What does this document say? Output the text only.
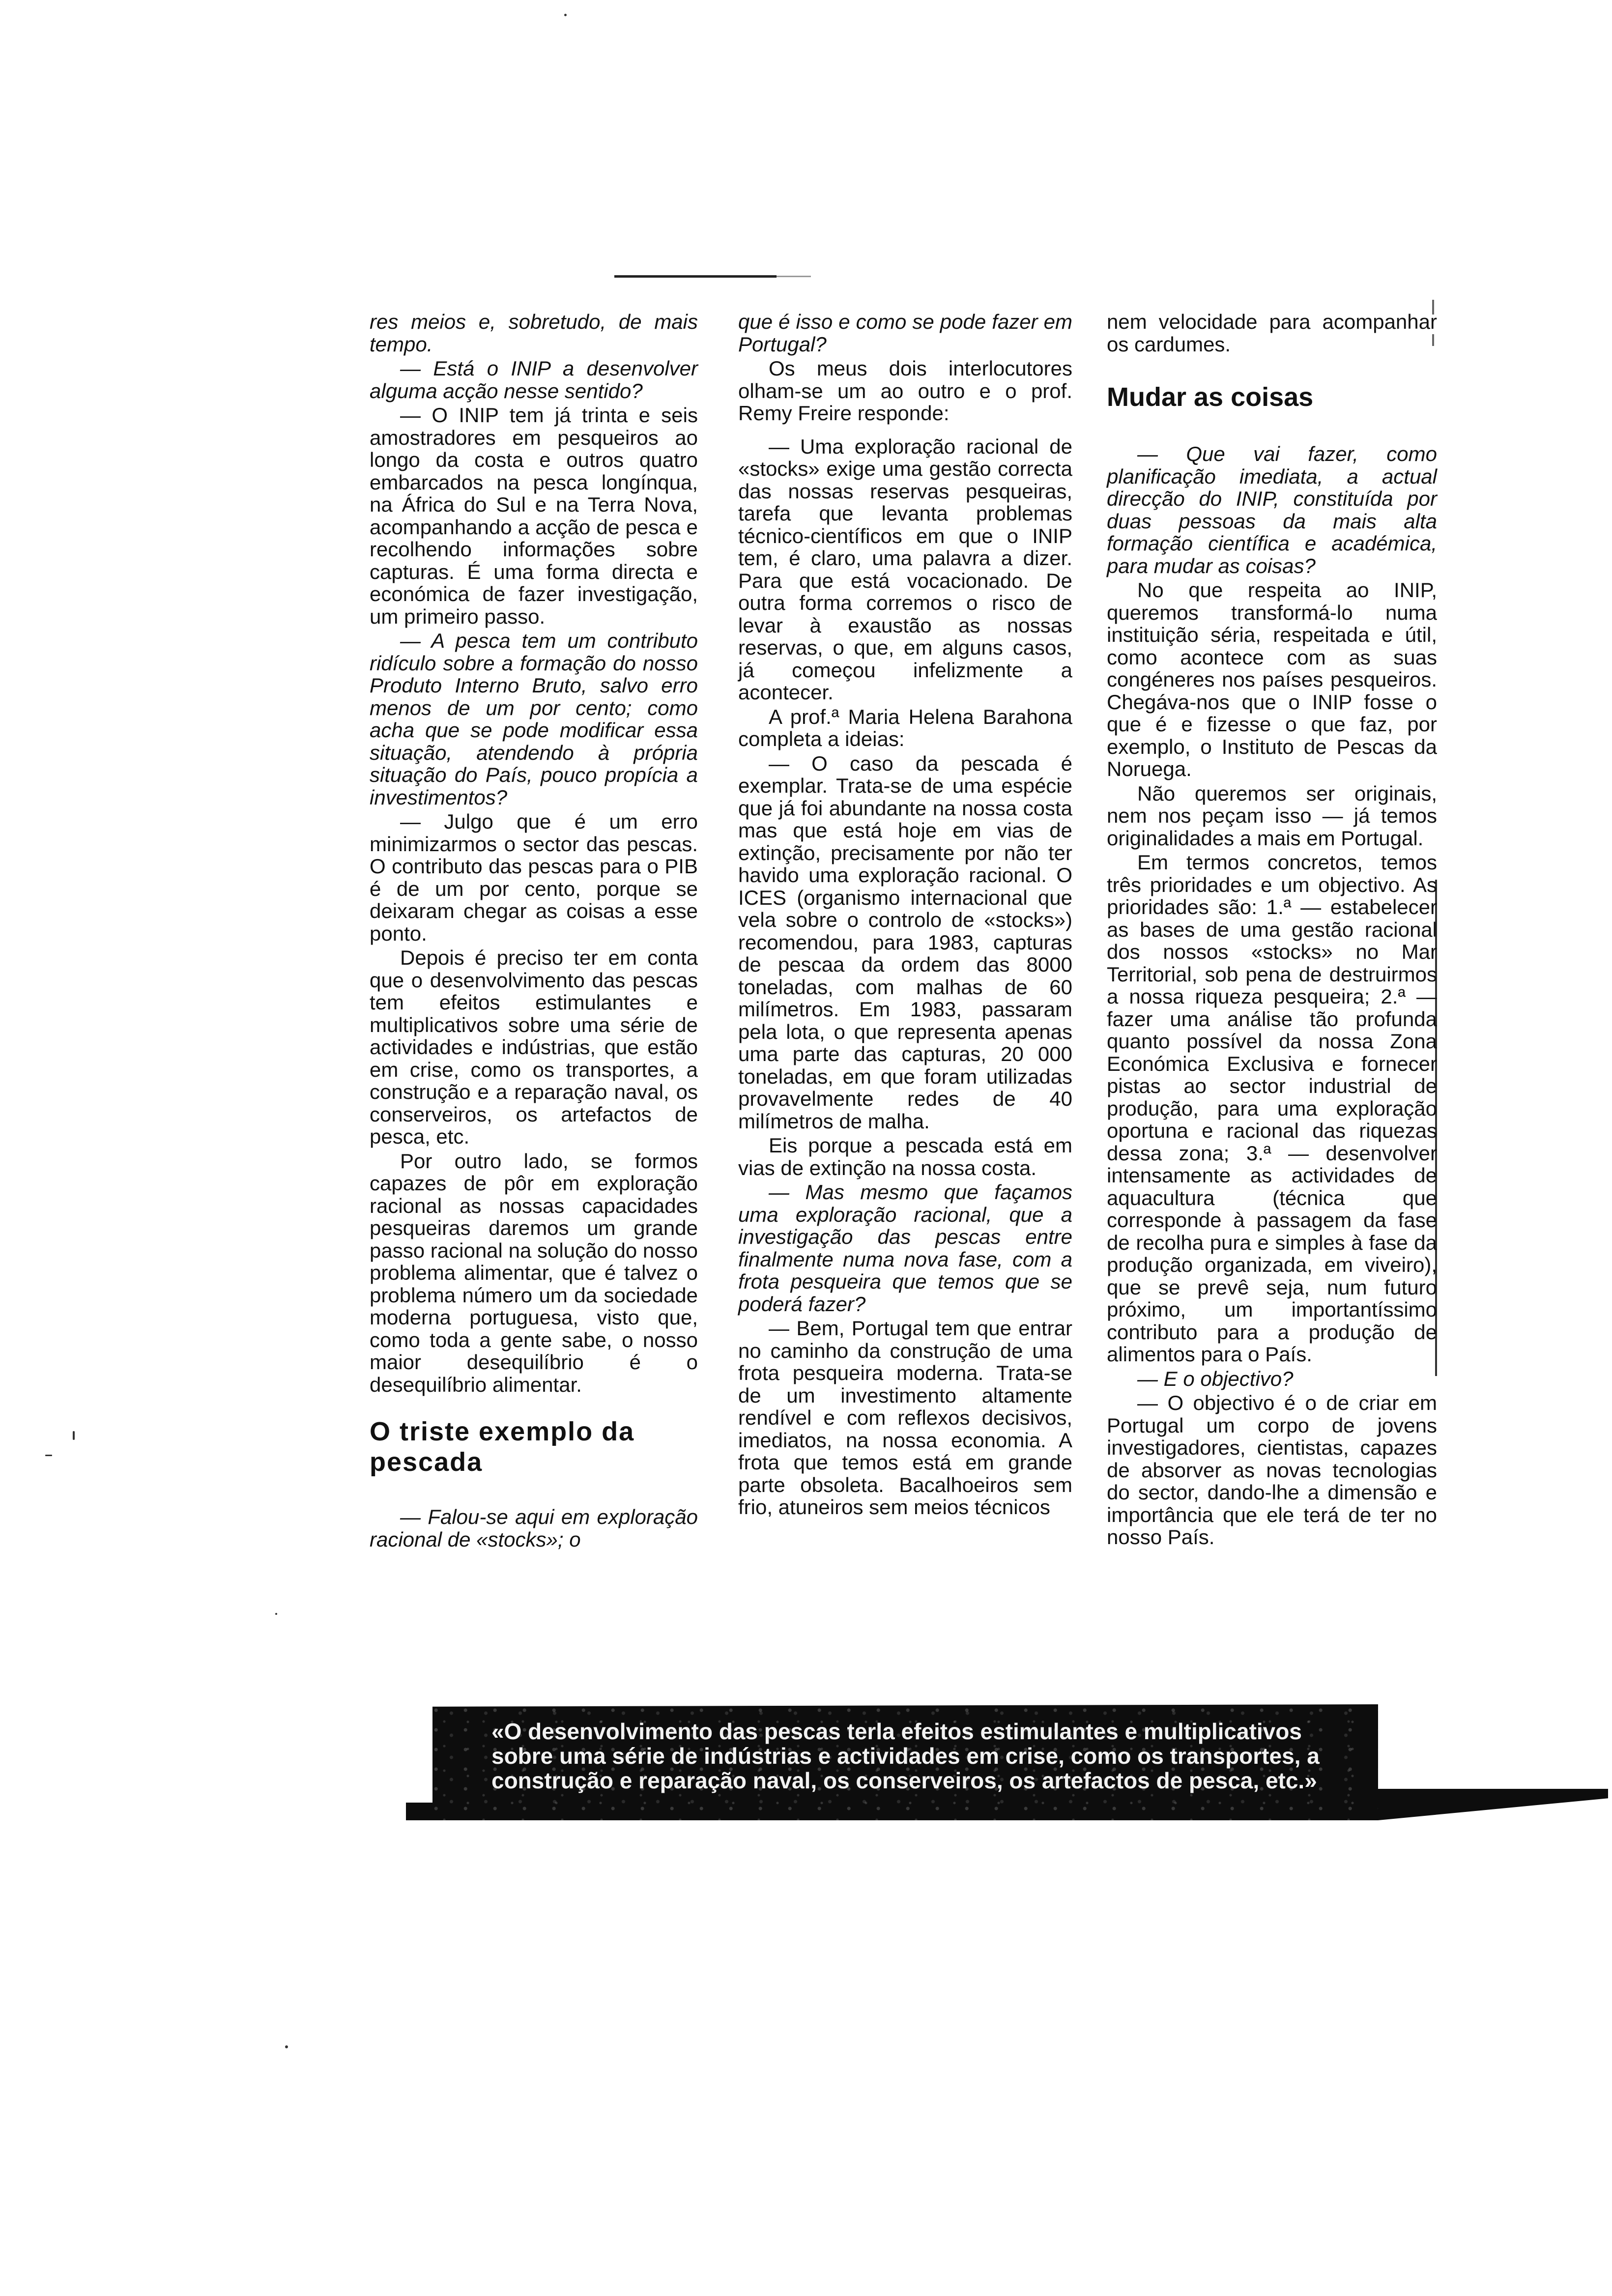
res meios e, sobretudo, de mais tempo.

— Está o INIP a desenvolver alguma acção nesse sentido?

— O INIP tem já trinta e seis amostradores em pesqueiros ao longo da costa e outros quatro embarcados na pesca longínqua, na África do Sul e na Terra Nova, acompanhando a acção de pesca e recolhendo informações sobre capturas. É uma forma directa e económica de fazer investigação, um primeiro passo.

— A pesca tem um contributo ridículo sobre a formação do nosso Produto Interno Bruto, salvo erro menos de um por cento; como acha que se pode modificar essa situação, atendendo à própria situação do País, pouco propícia a investimentos?

— Julgo que é um erro minimizarmos o sector das pescas. O contributo das pescas para o PIB é de um por cento, porque se deixaram chegar as coisas a esse ponto.

Depois é preciso ter em conta que o desenvolvimento das pescas tem efeitos estimulantes e multiplicativos sobre uma série de actividades e indústrias, que estão em crise, como os transportes, a construção e a reparação naval, os conserveiros, os artefactos de pesca, etc.

Por outro lado, se formos capazes de pôr em exploração racional as nossas capacidades pesqueiras daremos um grande passo racional na solução do nosso problema alimentar, que é talvez o problema número um da sociedade moderna portuguesa, visto que, como toda a gente sabe, o nosso maior desequilíbrio é o desequilíbrio alimentar.

O triste exemplo da pescada

— Falou-se aqui em exploração racional de «stocks»; o

que é isso e como se pode fazer em Portugal?

Os meus dois interlocutores olham-se um ao outro e o prof. Remy Freire responde:

— Uma exploração racional de «stocks» exige uma gestão correcta das nossas reservas pesqueiras, tarefa que levanta problemas técnico-científicos em que o INIP tem, é claro, uma palavra a dizer. Para que está vocacionado. De outra forma corremos o risco de levar à exaustão as nossas reservas, o que, em alguns casos, já começou infelizmente a acontecer.

A prof.ª Maria Helena Barahona completa a ideias:

— O caso da pescada é exemplar. Trata-se de uma espécie que já foi abundante na nossa costa mas que está hoje em vias de extinção, precisamente por não ter havido uma exploração racional. O ICES (organismo internacional que vela sobre o controlo de «stocks») recomendou, para 1983, capturas de pescaa da ordem das 8000 toneladas, com malhas de 60 milímetros. Em 1983, passaram pela lota, o que representa apenas uma parte das capturas, 20 000 toneladas, em que foram utilizadas provavelmente redes de 40 milímetros de malha.

Eis porque a pescada está em vias de extinção na nossa costa.

— Mas mesmo que façamos uma exploração racional, que a investigação das pescas entre finalmente numa nova fase, com a frota pesqueira que temos que se poderá fazer?

— Bem, Portugal tem que entrar no caminho da construção de uma frota pesqueira moderna. Trata-se de um investimento altamente rendível e com reflexos decisivos, imediatos, na nossa economia. A frota que temos está em grande parte obsoleta. Bacalhoeiros sem frio, atuneiros sem meios técnicos

nem velocidade para acompanhar os cardumes.

Mudar as coisas

— Que vai fazer, como planificação imediata, a actual direcção do INIP, constituída por duas pessoas da mais alta formação científica e académica, para mudar as coisas?

No que respeita ao INIP, queremos transformá-lo numa instituição séria, respeitada e útil, como acontece com as suas congéneres nos países pesqueiros. Chegáva-nos que o INIP fosse o que é e fizesse o que faz, por exemplo, o Instituto de Pescas da Noruega.

Não queremos ser originais, nem nos peçam isso — já temos originalidades a mais em Portugal.

Em termos concretos, temos três prioridades e um objectivo. As prioridades são: 1.ª — estabelecer as bases de uma gestão racional dos nossos «stocks» no Mar Territorial, sob pena de destruirmos a nossa riqueza pesqueira; 2.ª — fazer uma análise tão profunda quanto possível da nossa Zona Económica Exclusiva e fornecer pistas ao sector industrial de produção, para uma exploração oportuna e racional das riquezas dessa zona; 3.ª — desenvolver intensamente as actividades de aquacultura (técnica que corresponde à passagem da fase de recolha pura e simples à fase da produção organizada, em viveiro), que se prevê seja, num futuro próximo, um importantíssimo contributo para a produção de alimentos para o País.

— E o objectivo?

— O objectivo é o de criar em Portugal um corpo de jovens investigadores, cientistas, capazes de absorver as novas tecnologias do sector, dando-lhe a dimensão e importância que ele terá de ter no nosso País.

«O desenvolvimento das pescas terla efeitos estimulantes e multiplicativos sobre uma série de indústrias e actividades em crise, como os transportes, a construção e reparação naval, os conserveiros, os artefactos de pesca, etc.»
